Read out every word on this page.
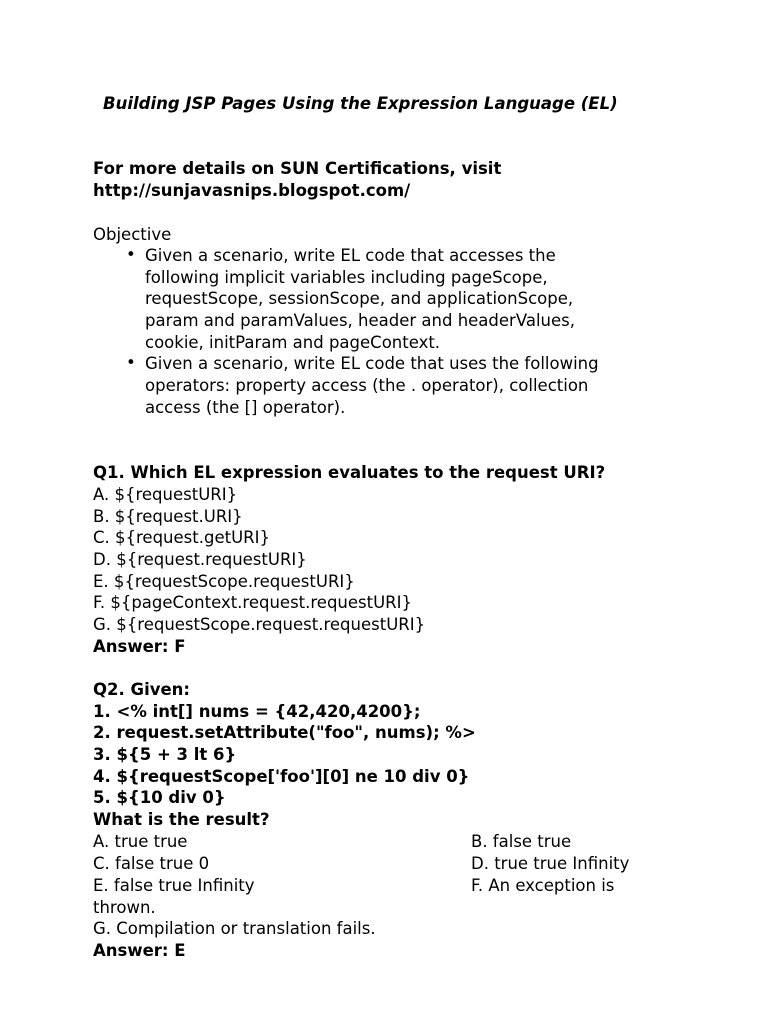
Building JSP Pages Using the Expression Language (EL)
For more details on SUN Certifications, visit
http://sunjavasnips.blogspot.com/
Objective
• Given a scenario, write EL code that accesses the
following implicit variables including pageScope,
requestScope, sessionScope, and applicationScope,
param and paramValues, header and headerValues,
cookie, initParam and pageContext.
• Given a scenario, write EL code that uses the following
operators: property access (the . operator), collection
access (the [] operator).
Q1. Which EL expression evaluates to the request URI?
A. ${requestURI}
B. ${request.URI}
C. ${request.getURI}
D. ${request.requestURI}
E. ${requestScope.requestURI}
F. ${pageContext.request.requestURI}
G. ${requestScope.request.requestURI}
Answer: F
Q2. Given:
1. <% int[] nums = {42,420,4200};
2. request.setAttribute("foo", nums); %>
3. ${5 + 3 lt 6}
4. ${requestScope['foo'][0] ne 10 div 0}
5. ${10 div 0}
What is the result?
A. true true	B. false true
C. false true 0	D. true true Infinity
E. false true Infinity	F. An exception is
thrown.
G. Compilation or translation fails.
Answer: E
